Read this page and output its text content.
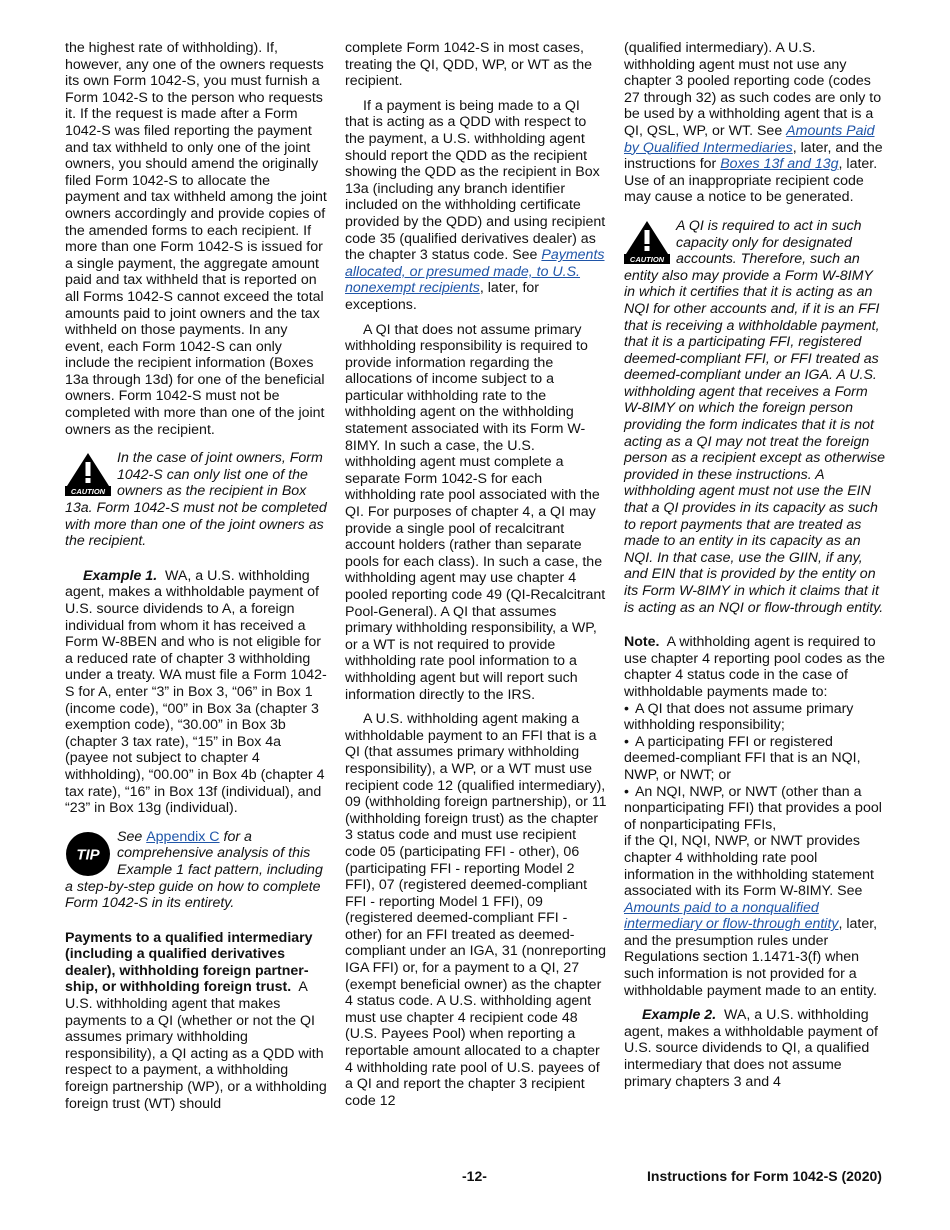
the highest rate of withholding). If, however, any one of the owners requests its own Form 1042-S, you must furnish a Form 1042-S to the person who requests it. If the request is made after a Form 1042-S was filed reporting the payment and tax withheld to only one of the joint owners, you should amend the originally filed Form 1042-S to allocate the payment and tax withheld among the joint owners accordingly and provide copies of the amended forms to each recipient. If more than one Form 1042-S is issued for a single payment, the aggregate amount paid and tax withheld that is reported on all Forms 1042-S cannot exceed the total amounts paid to joint owners and the tax withheld on those payments. In any event, each Form 1042-S can only include the recipient information (Boxes 13a through 13d) for one of the beneficial owners. Form 1042-S must not be completed with more than one of the joint owners as the recipient.

CAUTION
In the case of joint owners, Form 1042-S can only list one of the owners as the recipient in Box 13a. Form 1042-S must not be completed with more than one of the joint owners as the recipient.

Example 1. WA, a U.S. withholding agent, makes a withholdable payment of U.S. source dividends to A, a foreign individual from whom it has received a Form W-8BEN and who is not eligible for a reduced rate of chapter 3 withholding under a treaty. WA must file a Form 1042-S for A, enter “3” in Box 3, “06” in Box 1 (income code), “00” in Box 3a (chapter 3 exemption code), “30.00” in Box 3b (chapter 3 tax rate), “15” in Box 4a (payee not subject to chapter 4 withholding), “00.00” in Box 4b (chapter 4 tax rate), “16” in Box 13f (individual), and “23” in Box 13g (individual).

TIP
See Appendix C for a comprehensive analysis of this Example 1 fact pattern, including a step-by-step guide on how to complete Form 1042-S in its entirety.

Payments to a qualified intermediary (including a qualified derivatives dealer), withholding foreign partner-ship, or withholding foreign trust. A U.S. withholding agent that makes payments to a QI (whether or not the QI assumes primary withholding responsibility), a QI acting as a QDD with respect to a payment, a withholding foreign partnership (WP), or a withholding foreign trust (WT) should

complete Form 1042-S in most cases, treating the QI, QDD, WP, or WT as the recipient.

If a payment is being made to a QI that is acting as a QDD with respect to the payment, a U.S. withholding agent should report the QDD as the recipient showing the QDD as the recipient in Box 13a (including any branch identifier included on the withholding certificate provided by the QDD) and using recipient code 35 (qualified derivatives dealer) as the chapter 3 status code. See Payments allocated, or presumed made, to U.S. nonexempt recipients, later, for exceptions.

A QI that does not assume primary withholding responsibility is required to provide information regarding the allocations of income subject to a particular withholding rate to the withholding agent on the withholding statement associated with its Form W-8IMY. In such a case, the U.S. withholding agent must complete a separate Form 1042-S for each withholding rate pool associated with the QI. For purposes of chapter 4, a QI may provide a single pool of recalcitrant account holders (rather than separate pools for each class). In such a case, the withholding agent may use chapter 4 pooled reporting code 49 (QI-Recalcitrant Pool-General). A QI that assumes primary withholding responsibility, a WP, or a WT is not required to provide withholding rate pool information to a withholding agent but will report such information directly to the IRS.

A U.S. withholding agent making a withholdable payment to an FFI that is a QI (that assumes primary withholding responsibility), a WP, or a WT must use recipient code 12 (qualified intermediary), 09 (withholding foreign partnership), or 11 (withholding foreign trust) as the chapter 3 status code and must use recipient code 05 (participating FFI - other), 06 (participating FFI - reporting Model 2 FFI), 07 (registered deemed-compliant FFI - reporting Model 1 FFI), 09 (registered deemed-compliant FFI - other) for an FFI treated as deemed-compliant under an IGA, 31 (nonreporting IGA FFI) or, for a payment to a QI, 27 (exempt beneficial owner) as the chapter 4 status code. A U.S. withholding agent must use chapter 4 recipient code 48 (U.S. Payees Pool) when reporting a reportable amount allocated to a chapter 4 withholding rate pool of U.S. payees of a QI and report the chapter 3 recipient code 12

(qualified intermediary). A U.S. withholding agent must not use any chapter 3 pooled reporting code (codes 27 through 32) as such codes are only to be used by a withholding agent that is a QI, QSL, WP, or WT. See Amounts Paid by Qualified Intermediaries, later, and the instructions for Boxes 13f and 13g, later. Use of an inappropriate recipient code may cause a notice to be generated.

CAUTION
A QI is required to act in such capacity only for designated accounts. Therefore, such an entity also may provide a Form W-8IMY in which it certifies that it is acting as an NQI for other accounts and, if it is an FFI that is receiving a withholdable payment, that it is a participating FFI, registered deemed-compliant FFI, or FFI treated as deemed-compliant under an IGA. A U.S. withholding agent that receives a Form W-8IMY on which the foreign person providing the form indicates that it is not acting as a QI may not treat the foreign person as a recipient except as otherwise provided in these instructions. A withholding agent must not use the EIN that a QI provides in its capacity as such to report payments that are treated as made to an entity in its capacity as an NQI. In that case, use the GIIN, if any, and EIN that is provided by the entity on its Form W-8IMY in which it claims that it is acting as an NQI or flow-through entity.

Note. A withholding agent is required to use chapter 4 reporting pool codes as the chapter 4 status code in the case of withholdable payments made to:

• A QI that does not assume primary withholding responsibility;
• A participating FFI or registered deemed-compliant FFI that is an NQI, NWP, or NWT; or
• An NQI, NWP, or NWT (other than a nonparticipating FFI) that provides a pool of nonparticipating FFIs,

if the QI, NQI, NWP, or NWT provides chapter 4 withholding rate pool information in the withholding statement associated with its Form W-8IMY. See Amounts paid to a nonqualified intermediary or flow-through entity, later, and the presumption rules under Regulations section 1.1471-3(f) when such information is not provided for a withholdable payment made to an entity.

Example 2. WA, a U.S. withholding agent, makes a withholdable payment of U.S. source dividends to QI, a qualified intermediary that does not assume primary chapters 3 and 4

-12-	Instructions for Form 1042-S (2020)
